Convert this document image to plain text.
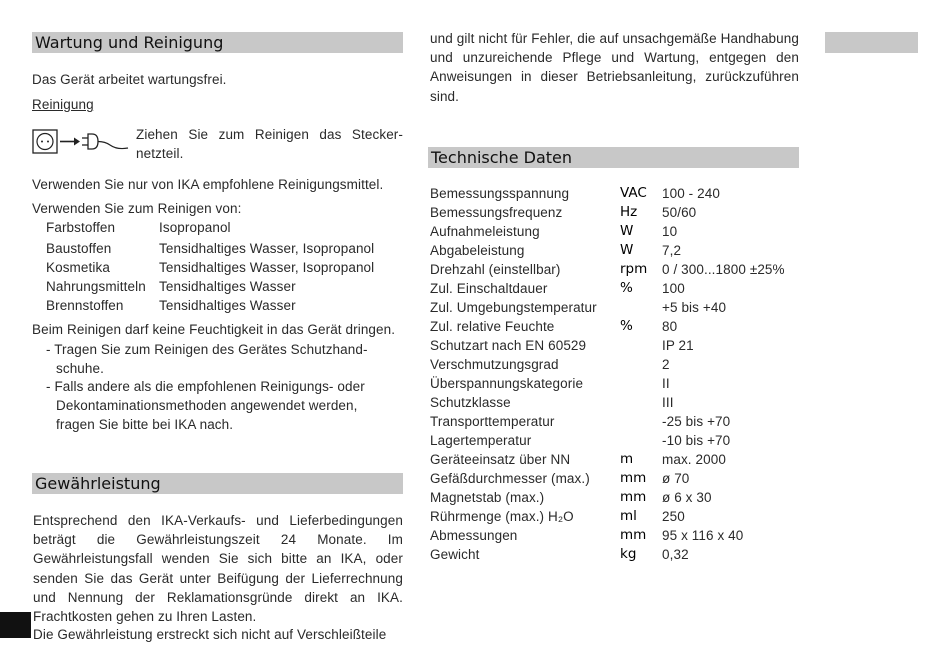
Wartung und Reinigung
Das Gerät arbeitet wartungsfrei.
Reinigung
Ziehen Sie zum Reinigen das Stecker-
netzteil.
Verwenden Sie nur von IKA empfohlene Reinigungsmittel.
Verwenden Sie zum Reinigen von:
Farbstoffen	Isopropanol
Baustoffen	Tensidhaltiges Wasser, Isopropanol
Kosmetika	Tensidhaltiges Wasser, Isopropanol
Nahrungsmitteln Tensidhaltiges Wasser
Brennstoffen	Tensidhaltiges Wasser
Beim Reinigen darf keine Feuchtigkeit in das Gerät dringen.
- Tragen Sie zum Reinigen des Gerätes Schutzhand-
schuhe.
- Falls andere als die empfohlenen Reinigungs- oder
Dekontaminationsmethoden angewendet werden,
fragen Sie bitte bei IKA nach.
Gewährleistung
Entsprechend den IKA-Verkaufs- und Lieferbedingungen beträgt die Gewährleistungszeit 24 Monate. Im Gewährleistungsfall wenden Sie sich bitte an IKA, oder senden Sie das Gerät unter Beifügung der Lieferrechnung und Nennung der Reklamationsgründe direkt an IKA. Frachtkosten gehen zu Ihren Lasten.
Die Gewährleistung erstreckt sich nicht auf Verschleißteile
und gilt nicht für Fehler, die auf unsachgemäße Handhabung und unzureichende Pflege und Wartung, entgegen den Anweisungen in dieser Betriebsanleitung, zurückzuführen sind.
Technische Daten
Bemessungsspannung	VAC 100 - 240
Bemessungsfrequenz	Hz 50/60
Aufnahmeleistung	W 10
Abgabeleistung	W 7,2
Drehzahl (einstellbar)	rpm 0 / 300...1800 ±25%
Zul. Einschaltdauer	% 100
Zul. Umgebungstemperatur	+5 bis +40
Zul. relative Feuchte	% 80
Schutzart nach EN 60529	IP 21
Verschmutzungsgrad	2
Überspannungskategorie	II
Schutzklasse	III
Transporttemperatur	-25 bis +70
Lagertemperatur	-10 bis +70
Geräteeinsatz über NN	m max. 2000
Gefäßdurchmesser (max.) mm ø 70
Magnetstab (max.)	mm ø 6 x 30
Rührmenge (max.) H₂O	ml 250
Abmessungen	mm 95 x 116 x 40
Gewicht	kg 0,32
